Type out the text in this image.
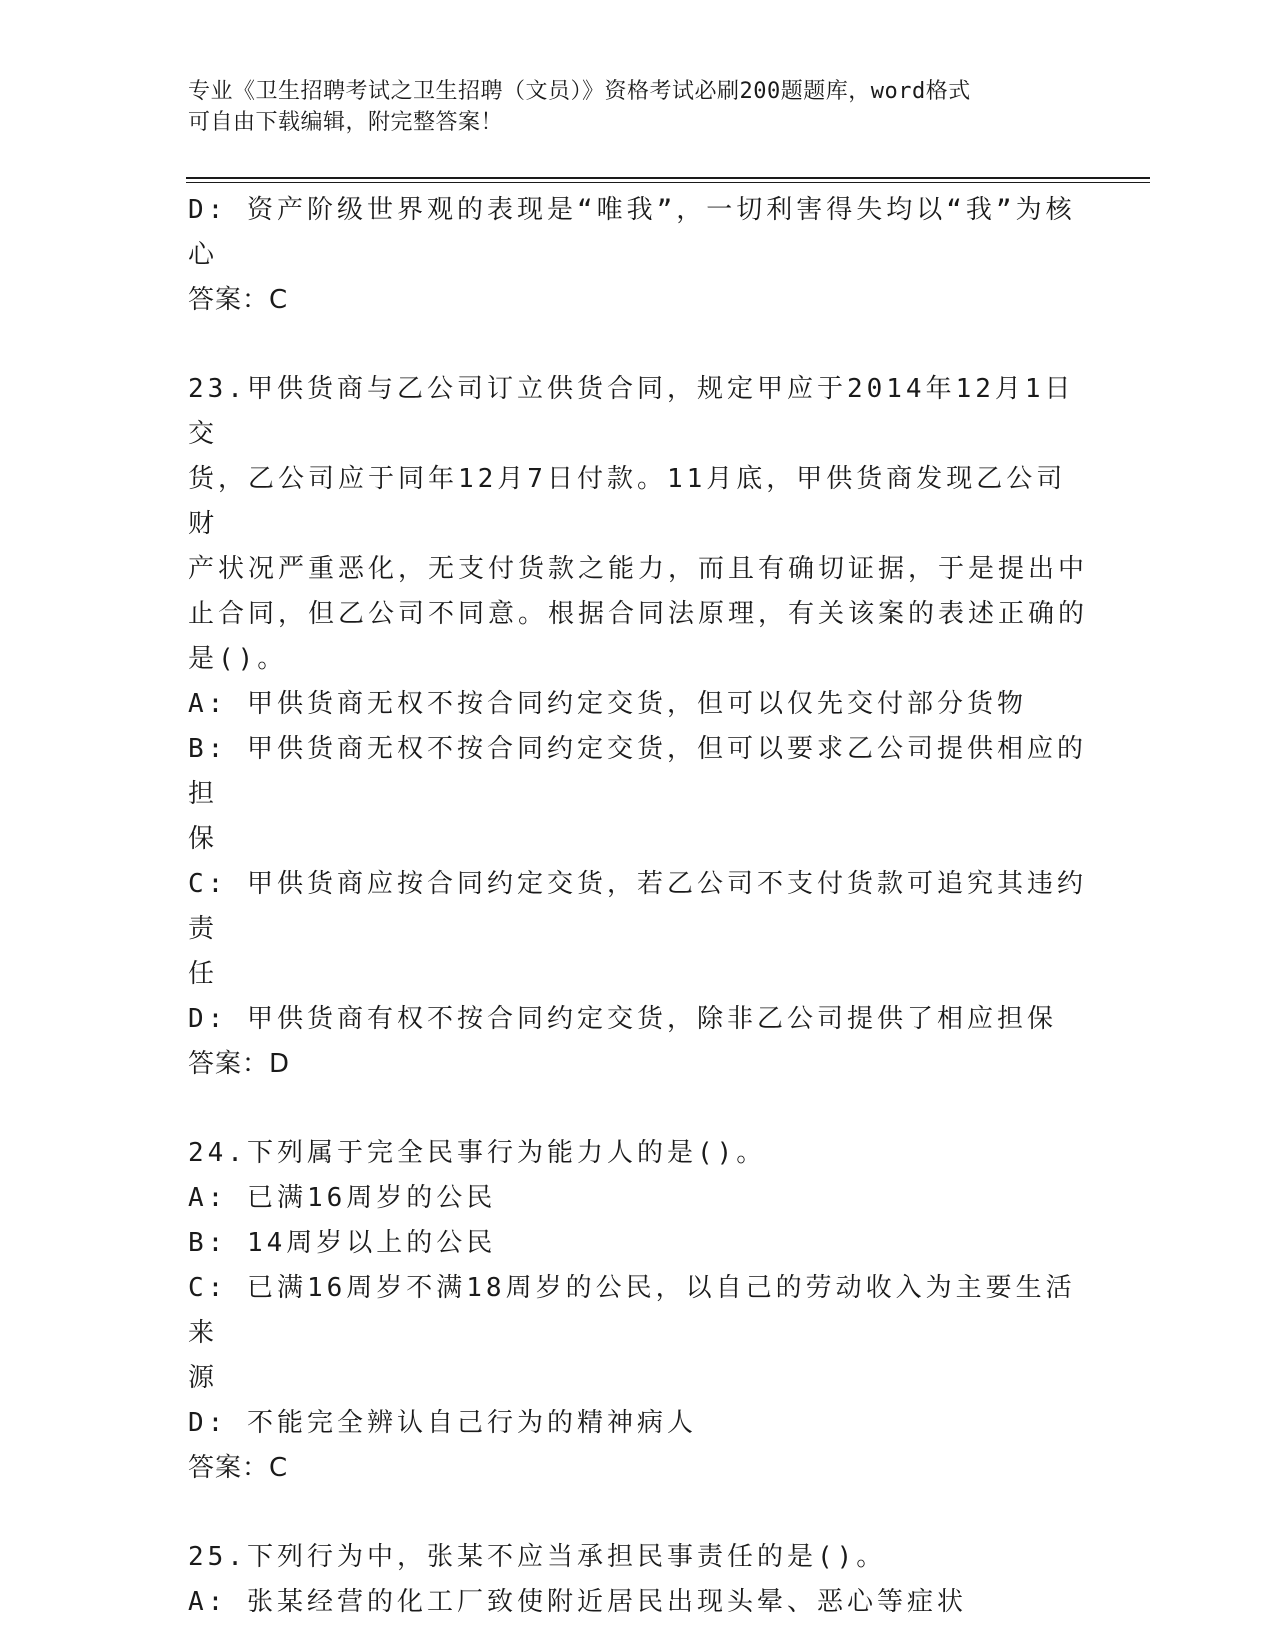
专业《卫生招聘考试之卫生招聘（文员）》资格考试必刷200题题库，word格式
可自由下载编辑，附完整答案！
D: 资产阶级世界观的表现是“唯我”，一切利害得失均以“我”为核
心
答案：C
23.甲供货商与乙公司订立供货合同，规定甲应于2014年12月1日交
货，乙公司应于同年12月7日付款。11月底，甲供货商发现乙公司财
产状况严重恶化，无支付货款之能力，而且有确切证据，于是提出中
止合同，但乙公司不同意。根据合同法原理，有关该案的表述正确的
是()。
A: 甲供货商无权不按合同约定交货，但可以仅先交付部分货物
B: 甲供货商无权不按合同约定交货，但可以要求乙公司提供相应的担
保
C: 甲供货商应按合同约定交货，若乙公司不支付货款可追究其违约责
任
D: 甲供货商有权不按合同约定交货，除非乙公司提供了相应担保
答案：D
24.下列属于完全民事行为能力人的是()。
A: 已满16周岁的公民
B: 14周岁以上的公民
C: 已满16周岁不满18周岁的公民，以自己的劳动收入为主要生活来
源
D: 不能完全辨认自己行为的精神病人
答案：C
25.下列行为中，张某不应当承担民事责任的是()。
A: 张某经营的化工厂致使附近居民出现头晕、恶心等症状
